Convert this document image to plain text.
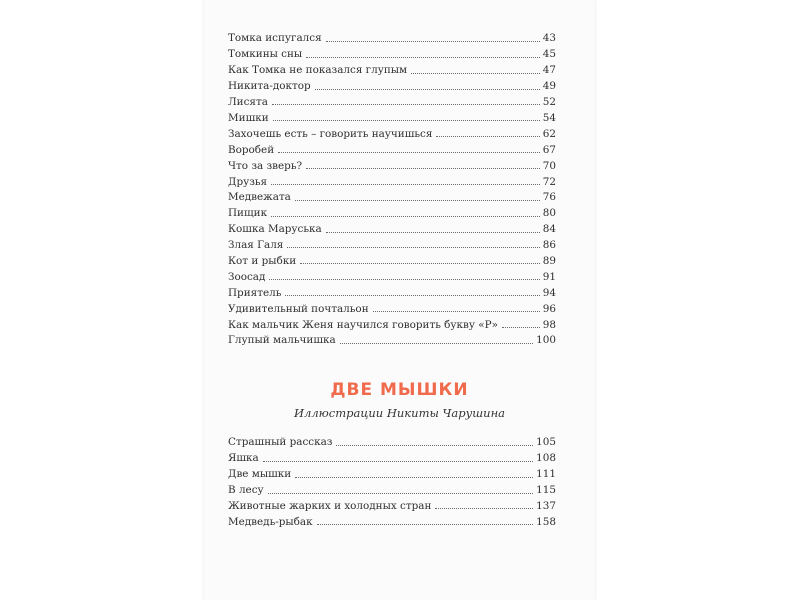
Томка испугался	43
Томкины сны	45
Как Томка не показался глупым	47
Никита-доктор	49
Лисята	52
Мишки	54
Захочешь есть – говорить научишься	62
Воробей	67
Что за зверь?	70
Друзья	72
Медвежата	76
Пищик	80
Кошка Маруська	84
Злая Галя	86
Кот и рыбки	89
Зоосад	91
Приятель	94
Удивительный почтальон	96
Как мальчик Женя научился говорить букву «Р»	98
Глупый мальчишка	100
ДВЕ МЫШКИ
Иллюстрации Никиты Чарушина
Страшный рассказ	105
Яшка	108
Две мышки	111
В лесу	115
Животные жарких и холодных стран	137
Медведь-рыбак	158
